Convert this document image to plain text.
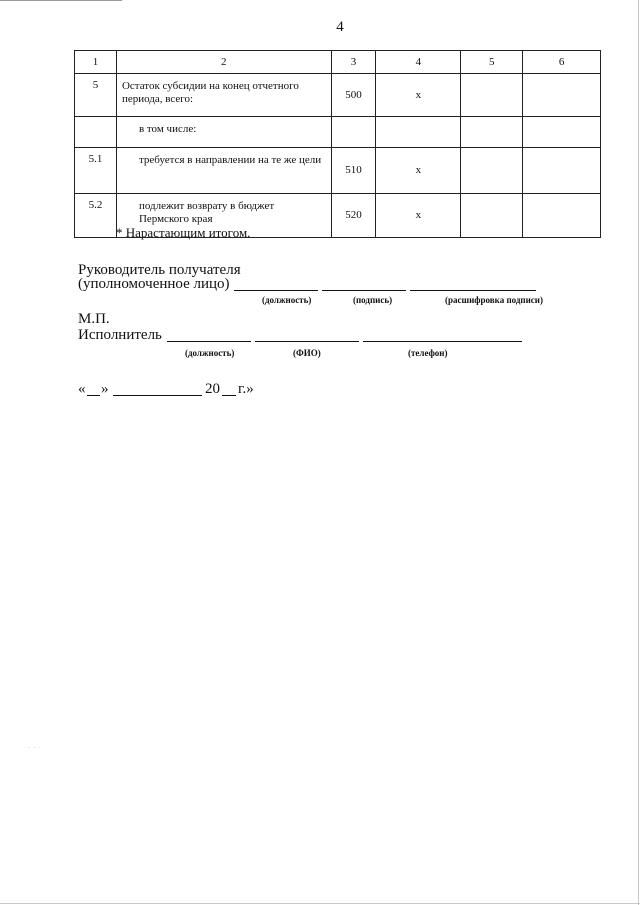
. . .
4
1	2	3	4	5	6
5	Остаток субсидии на конец отчетного периода, всего:	500	х		
	в том числе:				
5.1	требуется в направлении на те же цели	510	х		
5.2	подлежит возврату в бюджет Пермского края	520	х		
* Нарастающим итогом.
Руководитель получателя
(уполномоченное лицо)
(должность)	(подпись)	(расшифровка подписи)
М.П.
Исполнитель
(должность)	(ФИО)	(телефон)
« »	20 г.»
